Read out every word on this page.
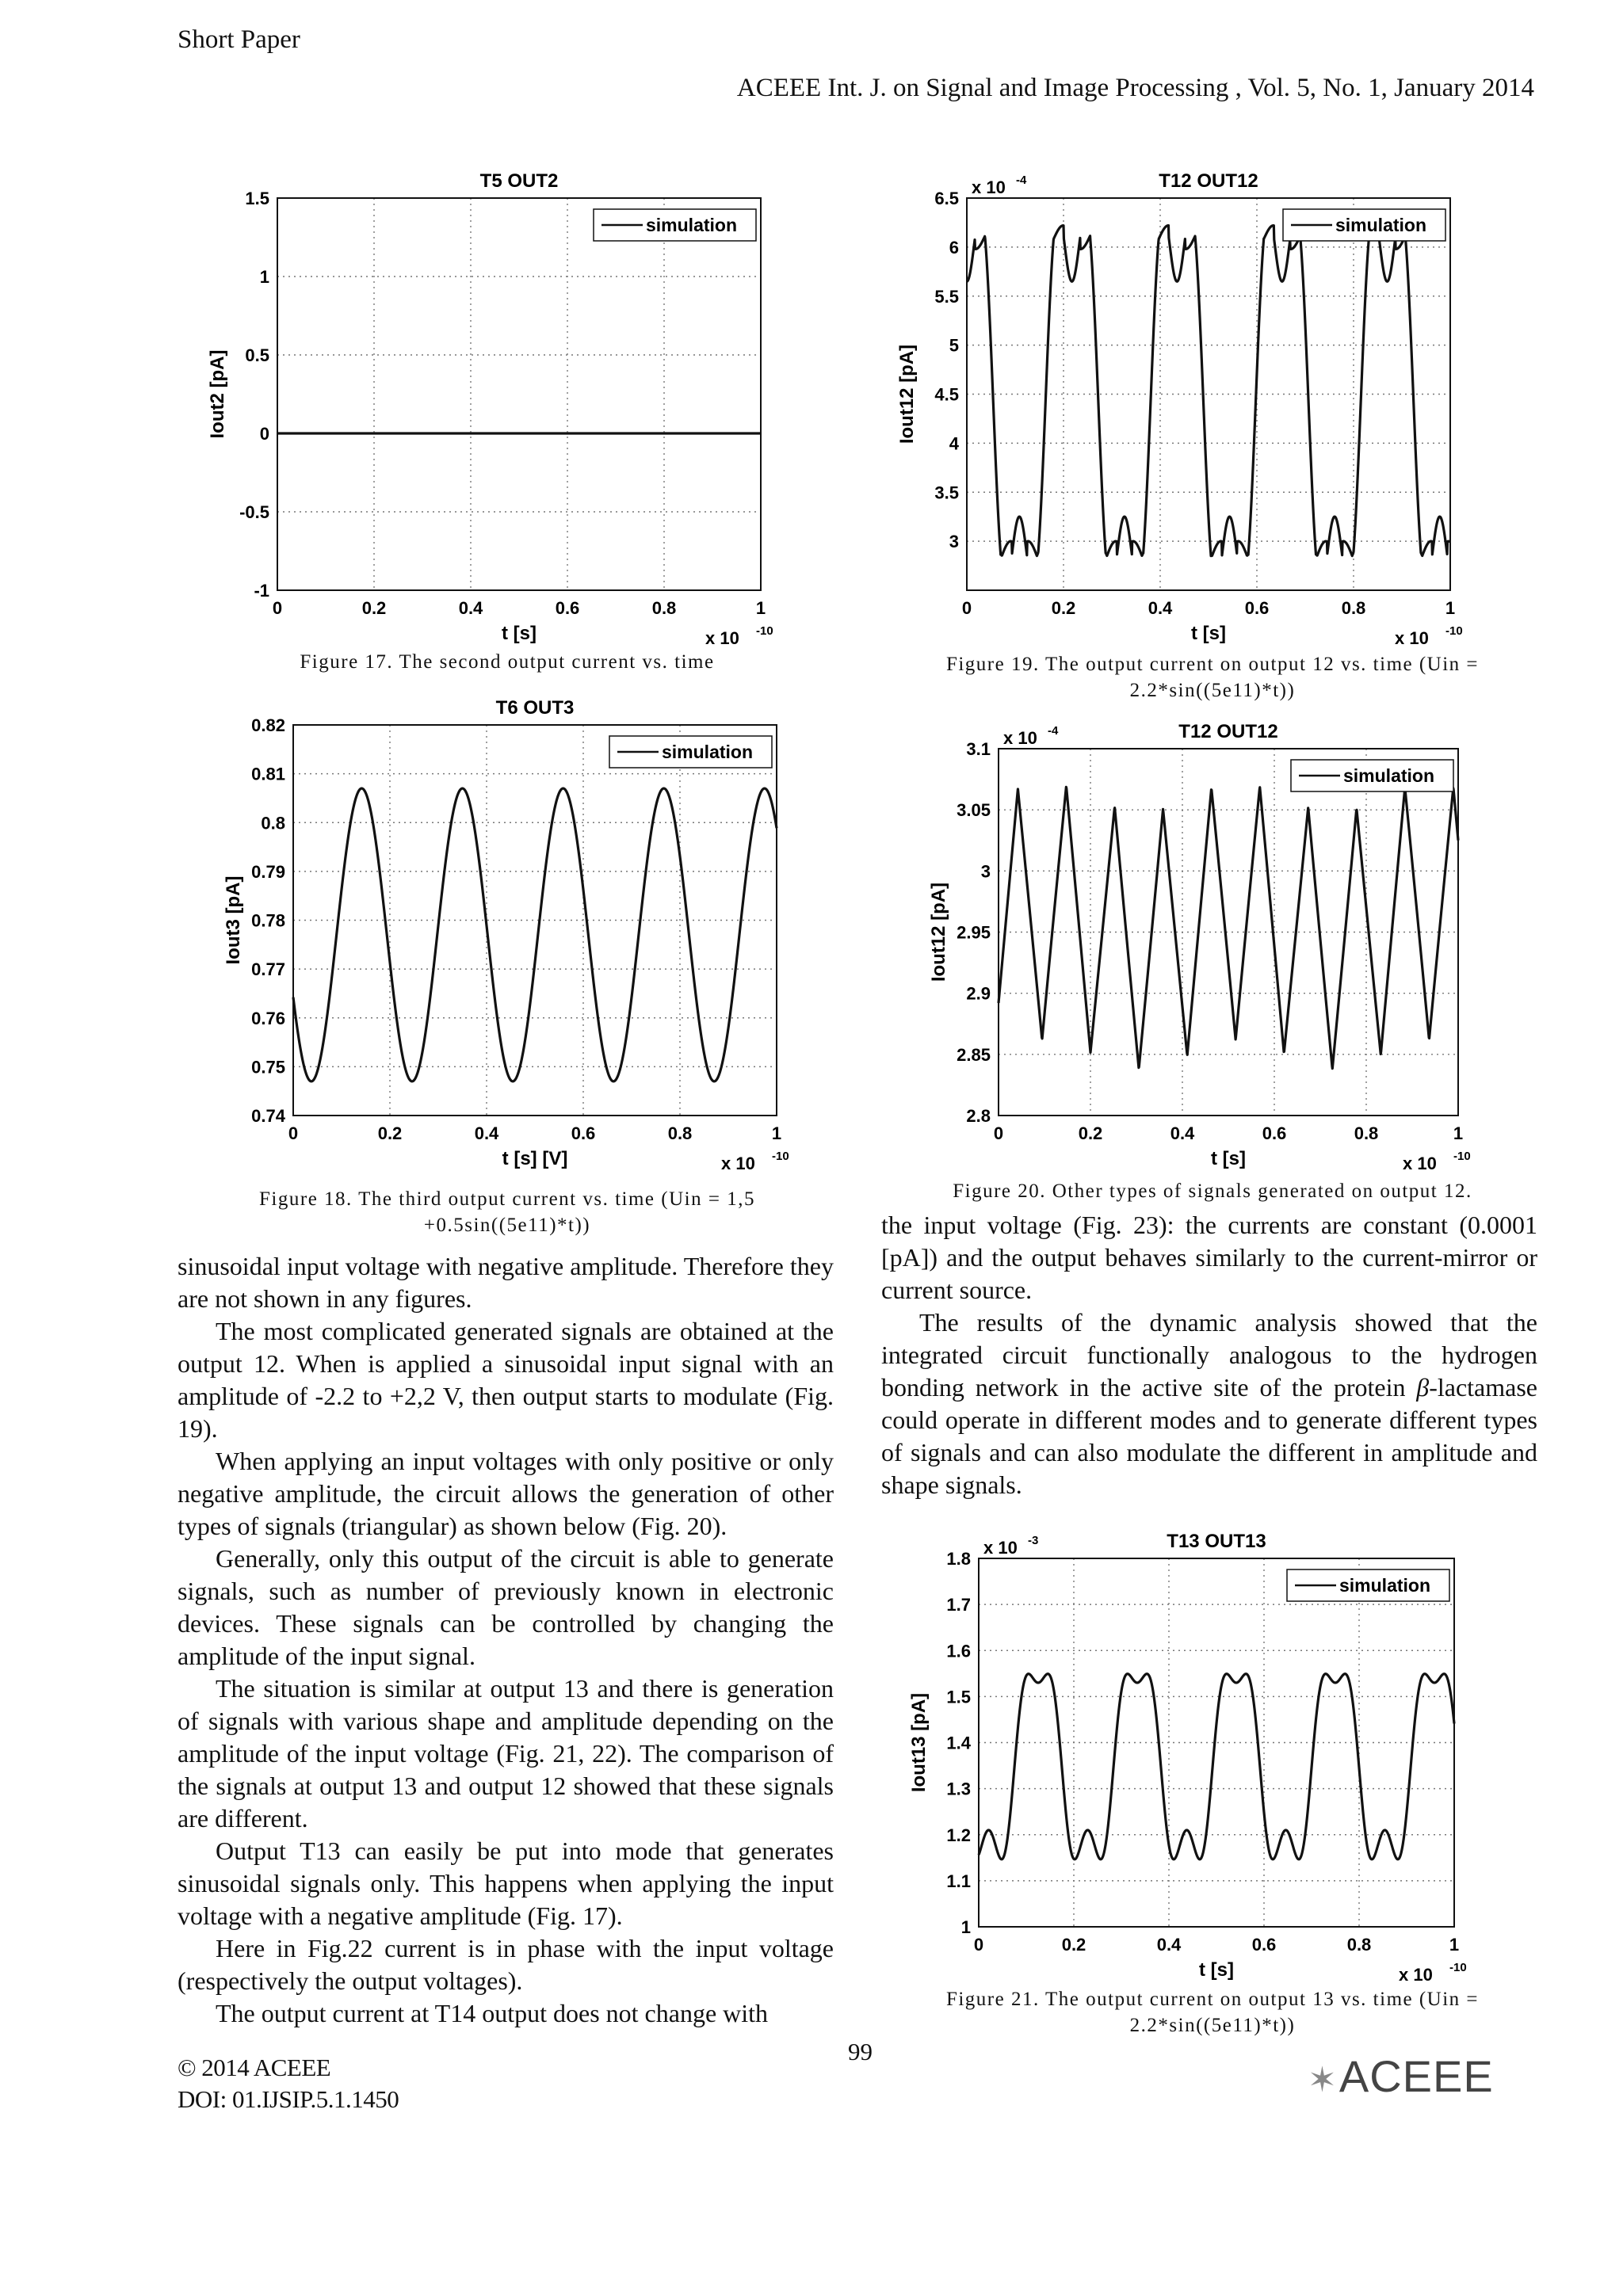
Short Paper
ACEEE Int. J. on Signal and Image Processing , Vol. 5, No. 1, January 2014
T5 OUT2
0	0.2	0.4	0.6	0.8	1
-1
-0.5
0
0.5
1
1.5
t [s]	x 10 -10
Iout2 [pA]
simulation
Figure 17. The second output current vs. time
T6 OUT3
0	0.2	0.4	0.6	0.8	1
0.74
0.75
0.76
0.77
0.78
0.79
0.8
0.81
0.82
t [s] [V]	x 10 -10
Iout3 [pA]
simulation
Figure 18. The third output current vs. time (Uin = 1,5 +0.5sin((5e11)*t))
T12 OUT12
0	0.2	0.4	0.6	0.8	1
3
3.5
4
4.5
5
5.5
6
6.5
t [s]	x 10 -10
Iout12 [pA]
x 10 -4
simulation
Figure 19. The output current on output 12 vs. time (Uin = 2.2*sin((5e11)*t))
T12 OUT12
0	0.2	0.4	0.6	0.8	1
2.8
2.85
2.9
2.95
3
3.05
3.1
t [s]	x 10 -10
Iout12 [pA]
x 10 -4
simulation
Figure 20. Other types of signals generated on output 12.
T13 OUT13
0	0.2	0.4	0.6	0.8	1
1
1.1
1.2
1.3
1.4
1.5
1.6
1.7
1.8
t [s]	x 10 -10
Iout13 [pA]
x 10 -3
simulation
Figure 21. The output current on output 13 vs. time (Uin = 2.2*sin((5e11)*t))

sinusoidal input voltage with negative amplitude. Therefore they are not shown in any figures.

The most complicated generated signals are obtained at the output 12. When is applied a sinusoidal input signal with an amplitude of -2.2 to +2,2 V, then output starts to modulate (Fig. 19).

When applying an input voltages with only positive or only negative amplitude, the circuit allows the generation of other types of signals (triangular) as shown below (Fig. 20).

Generally, only this output of the circuit is able to generate signals, such as number of previously known in electronic devices. These signals can be controlled by changing the amplitude of the input signal.

The situation is similar at output 13 and there is generation of signals with various shape and amplitude depending on the amplitude of the input voltage (Fig. 21, 22). The comparison of the signals at output 13 and output 12 showed that these signals are different.

Output T13 can easily be put into mode that generates sinusoidal signals only. This happens when applying the input voltage with a negative amplitude (Fig. 17).

Here in Fig.22 current is in phase with the input voltage (respectively the output voltages).

The output current at T14 output does not change with

the input voltage (Fig. 23): the currents are constant (0.0001 [pA]) and the output behaves similarly to the current-mirror or current source.

The results of the dynamic analysis showed that the integrated circuit functionally analogous to the hydrogen bonding network in the active site of the protein β-lactamase could operate in different modes and to generate different types of signals and can also modulate the different in amplitude and shape signals.

© 2014 ACEEE
DOI: 01.IJSIP.5.1.1450
99
✶ACEEE
